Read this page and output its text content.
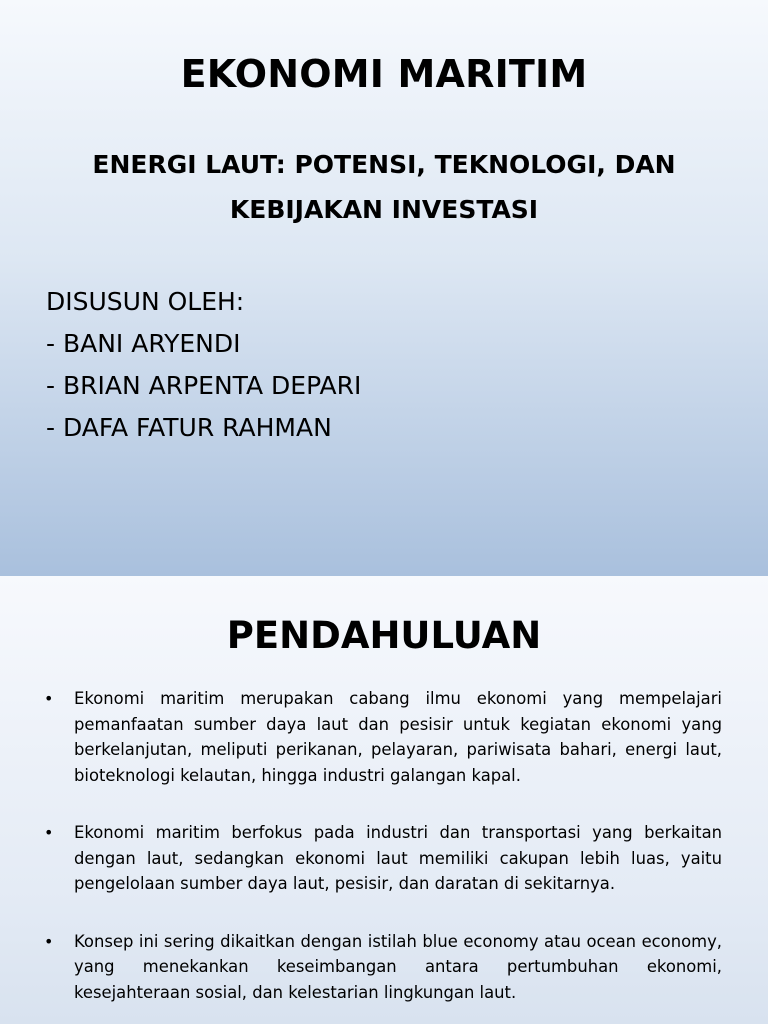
EKONOMI MARITIM
ENERGI LAUT: POTENSI, TEKNOLOGI, DAN
KEBIJAKAN INVESTASI
DISUSUN OLEH:
- BANI ARYENDI
- BRIAN ARPENTA DEPARI
- DAFA FATUR RAHMAN
PENDAHULUAN
• Ekonomi maritim merupakan cabang ilmu ekonomi yang mempelajari pemanfaatan sumber daya laut dan pesisir untuk kegiatan ekonomi yang berkelanjutan, meliputi perikanan, pelayaran, pariwisata bahari, energi laut, bioteknologi kelautan, hingga industri galangan kapal.
• Ekonomi maritim berfokus pada industri dan transportasi yang berkaitan dengan laut, sedangkan ekonomi laut memiliki cakupan lebih luas, yaitu pengelolaan sumber daya laut, pesisir, dan daratan di sekitarnya.
• Konsep ini sering dikaitkan dengan istilah blue economy atau ocean economy, yang menekankan keseimbangan antara pertumbuhan ekonomi, kesejahteraan sosial, dan kelestarian lingkungan laut.
